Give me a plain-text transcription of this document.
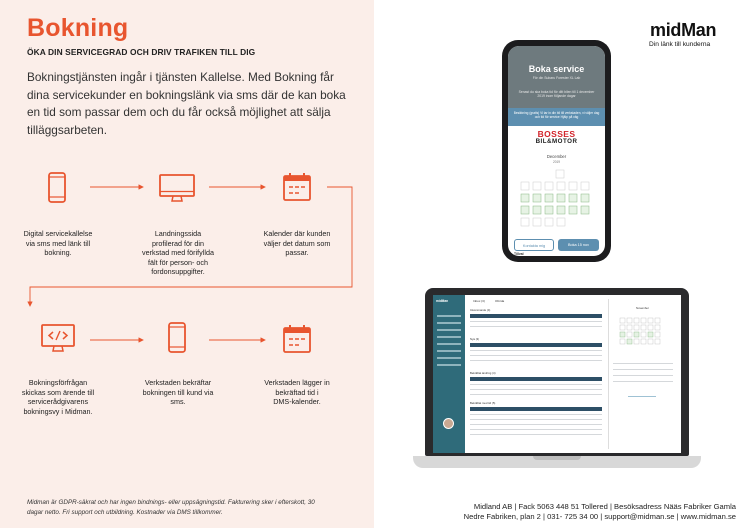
Bokning
ÖKA DIN SERVICEGRAD OCH DRIV TRAFIKEN TILL DIG
Bokningstjänsten ingår i tjänsten Kallelse. Med Bokning får dina servicekunder en bokningslänk via sms där de kan boka en tid som passar dem och du får också möjlighet att sälja tilläggsarbeten.
Digital servicekallelse
via sms med länk till
bokning.
Landningssida
profilerad för din
verkstad med förifyllda
fält för person- och
fordonsuppgifter.
Kalender där kunden
väljer det datum som
passar.
Bokningsförfrågan
skickas som ärende till
servicerådgivarens
bokningsvy i Midman.
Verkstaden bekräftar
bokningen till kund via
sms.
Verkstaden lägger in
bekräftad tid i
DMS-kalender.
Midman är GDPR-säkrat och har ingen bindnings- eller uppsägningstid. Fakturering sker i efterskott, 30 dagar netto. Fri support och utbildning. Kostnader via DMS tillkommer.
midMan
Din länk till kunderna
Boka service
För din Subaru Forester XL Lab
Senast du ska boka tid för ditt bilen till 1 december 2019 inom följande dagar
Besiktning (gratis) Vi tar in din bil till verkstaden, vi väljer dag och tid för service Hjälp på väg
BOSSES
BIL&MOTOR
December
2019
Kontakta mig	Boka 15 nov
Tillval
midMan	Inbox (3)	Oförda
Inkommande (4)
Nya (3)
Bekräftat ändring (4)
Bekräftat med tid (5)
November
Midland AB | Fack 5063 448 51 Tollered | Besöksadress Nääs Fabriker Gamla
Nedre Fabriken, plan 2 | 031- 725 34 00 | support@midman.se | www.midman.se
